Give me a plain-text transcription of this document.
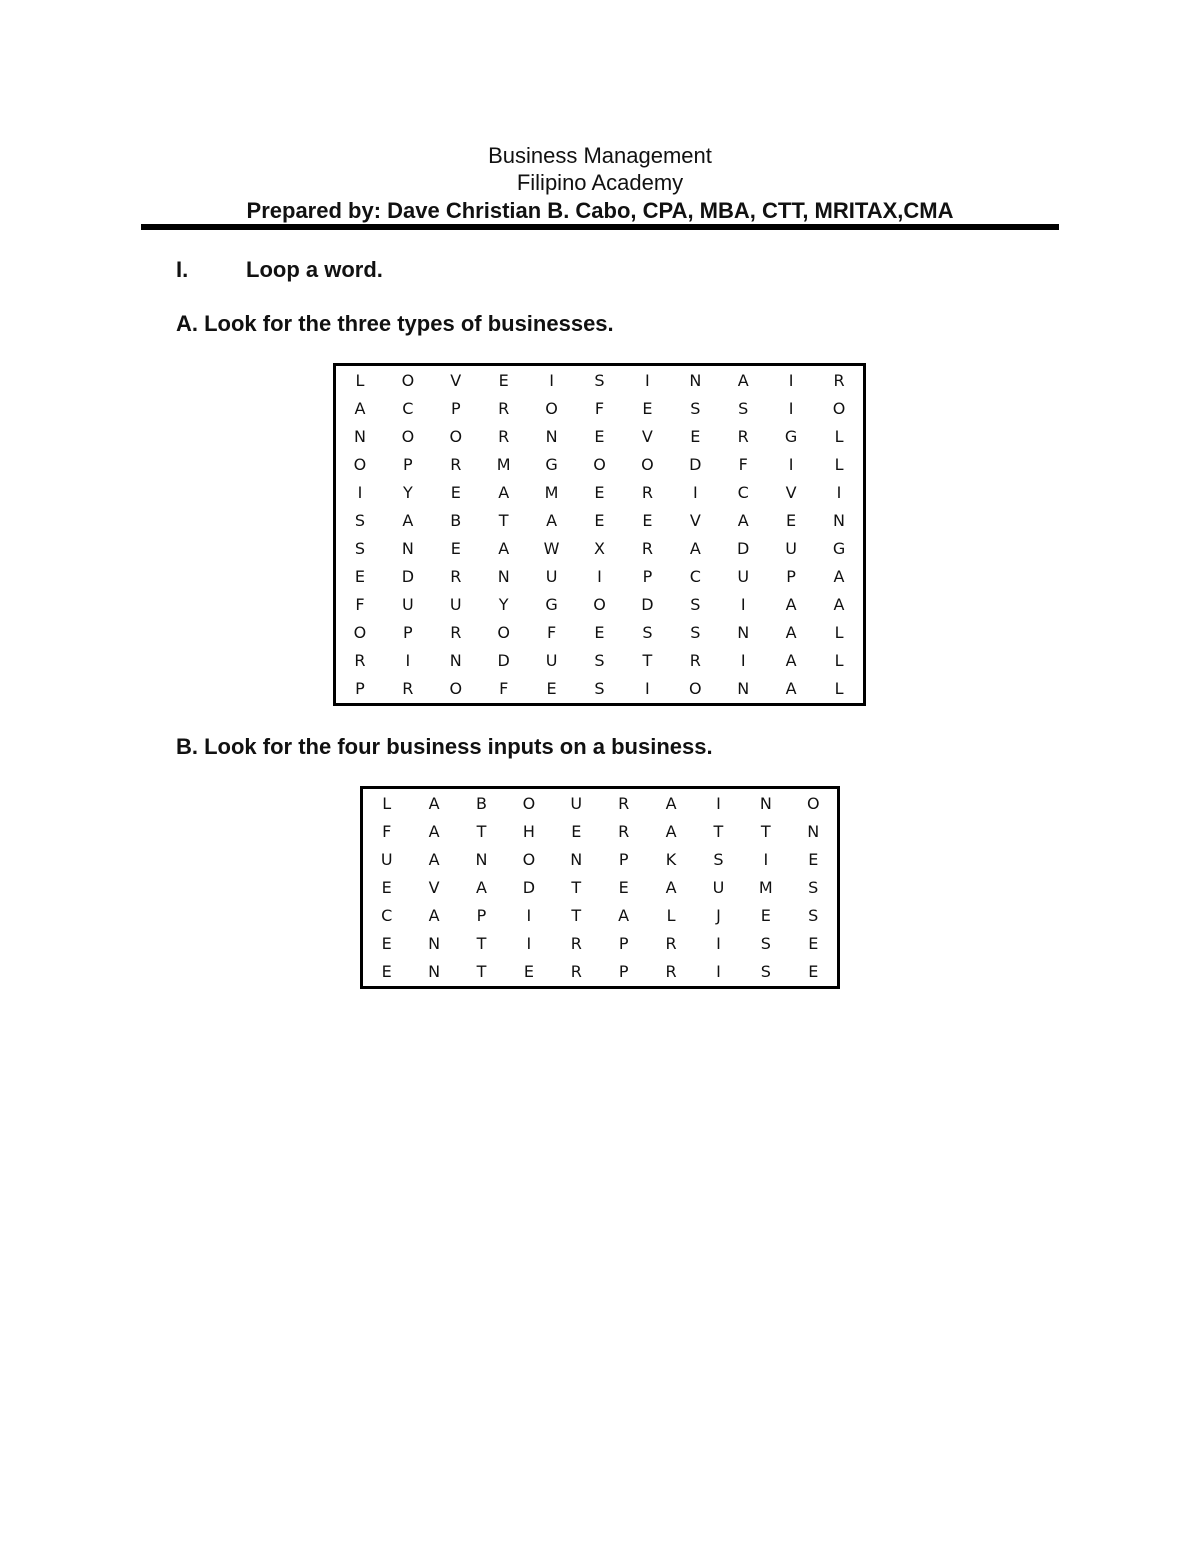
Business Management
Filipino Academy
Prepared by: Dave Christian B. Cabo, CPA, MBA, CTT, MRITAX,CMA
I.	Loop a word.
A. Look for the three types of businesses.
L	O	V	E	I	S	I	N	A	I	R
A	C	P	R	O	F	E	S	S	I	O
N	O	O	R	N	E	V	E	R	G	L
O	P	R	M	G	O	O	D	F	I	L
I	Y	E	A	M	E	R	I	C	V	I
S	A	B	T	A	E	E	V	A	E	N
S	N	E	A	W	X	R	A	D	U	G
E	D	R	N	U	I	P	C	U	P	A
F	U	U	Y	G	O	D	S	I	A	A
O	P	R	O	F	E	S	S	N	A	L
R	I	N	D	U	S	T	R	I	A	L
P	R	O	F	E	S	I	O	N	A	L
B. Look for the four business inputs on a business.
L	A	B	O	U	R	A	I	N	O
F	A	T	H	E	R	A	T	T	N
U	A	N	O	N	P	K	S	I	E
E	V	A	D	T	E	A	U	M	S
C	A	P	I	T	A	L	J	E	S
E	N	T	I	R	P	R	I	S	E
E	N	T	E	R	P	R	I	S	E
